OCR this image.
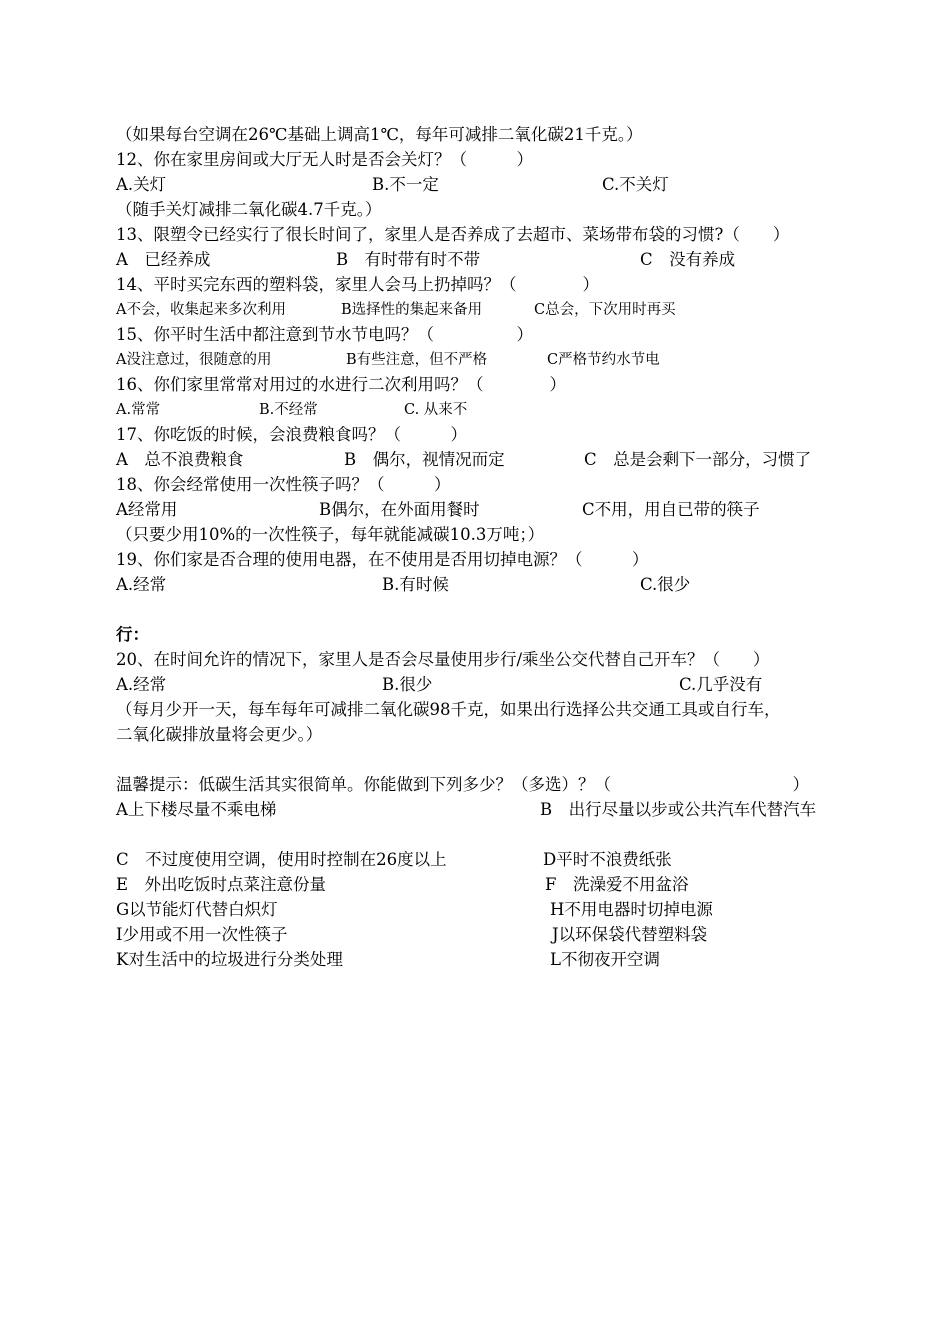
（如果每台空调在26℃基础上调高1℃，每年可减排二氧化碳21千克。）
12、你在家里房间或大厅无人时是否会关灯？（　　　）
A.关灯	B.不一定	C.不关灯
（随手关灯减排二氧化碳4.7千克。）
13、限塑令已经实行了很长时间了，家里人是否养成了去超市、菜场带布袋的习惯?（　　）
A　已经养成	B　有时带有时不带	C　没有养成
14、平时买完东西的塑料袋，家里人会马上扔掉吗？（　　　　）
A不会，收集起来多次利用	B选择性的集起来备用	C总会，下次用时再买
15、你平时生活中都注意到节水节电吗？（　　　　　）
A没注意过，很随意的用	B有些注意，但不严格	C严格节约水节电
16、你们家里常常对用过的水进行二次利用吗？（　　　　）
A.常常	B.不经常	C. 从来不
17、你吃饭的时候，会浪费粮食吗？（　　　）
A　总不浪费粮食	B　偶尔，视情况而定	C　总是会剩下一部分，习惯了
18、你会经常使用一次性筷子吗？（　　　）
A经常用	B偶尔，在外面用餐时	C不用，用自已带的筷子
（只要少用10%的一次性筷子，每年就能减碳10.3万吨；）
19、你们家是否合理的使用电器，在不使用是否用切掉电源？（　　　）
A.经常	B.有时候	C.很少
行：
20、在时间允许的情况下，家里人是否会尽量使用步行/乘坐公交代替自己开车？（　　）
A.经常	B.很少	C.几乎没有
（每月少开一天，每车每年可减排二氧化碳98千克，如果出行选择公共交通工具或自行车，
二氧化碳排放量将会更少。）
温馨提示：低碳生活其实很简单。你能做到下列多少？（多选）？（　　　　　　　　　　　）
A上下楼尽量不乘电梯	B　出行尽量以步或公共汽车代替汽车
C　不过度使用空调，使用时控制在26度以上	D平时不浪费纸张
E　外出吃饭时点菜注意份量	F　洗澡爱不用盆浴
G以节能灯代替白炽灯	H不用电器时切掉电源
I少用或不用一次性筷子	J以环保袋代替塑料袋
K对生活中的垃圾进行分类处理	L不彻夜开空调
